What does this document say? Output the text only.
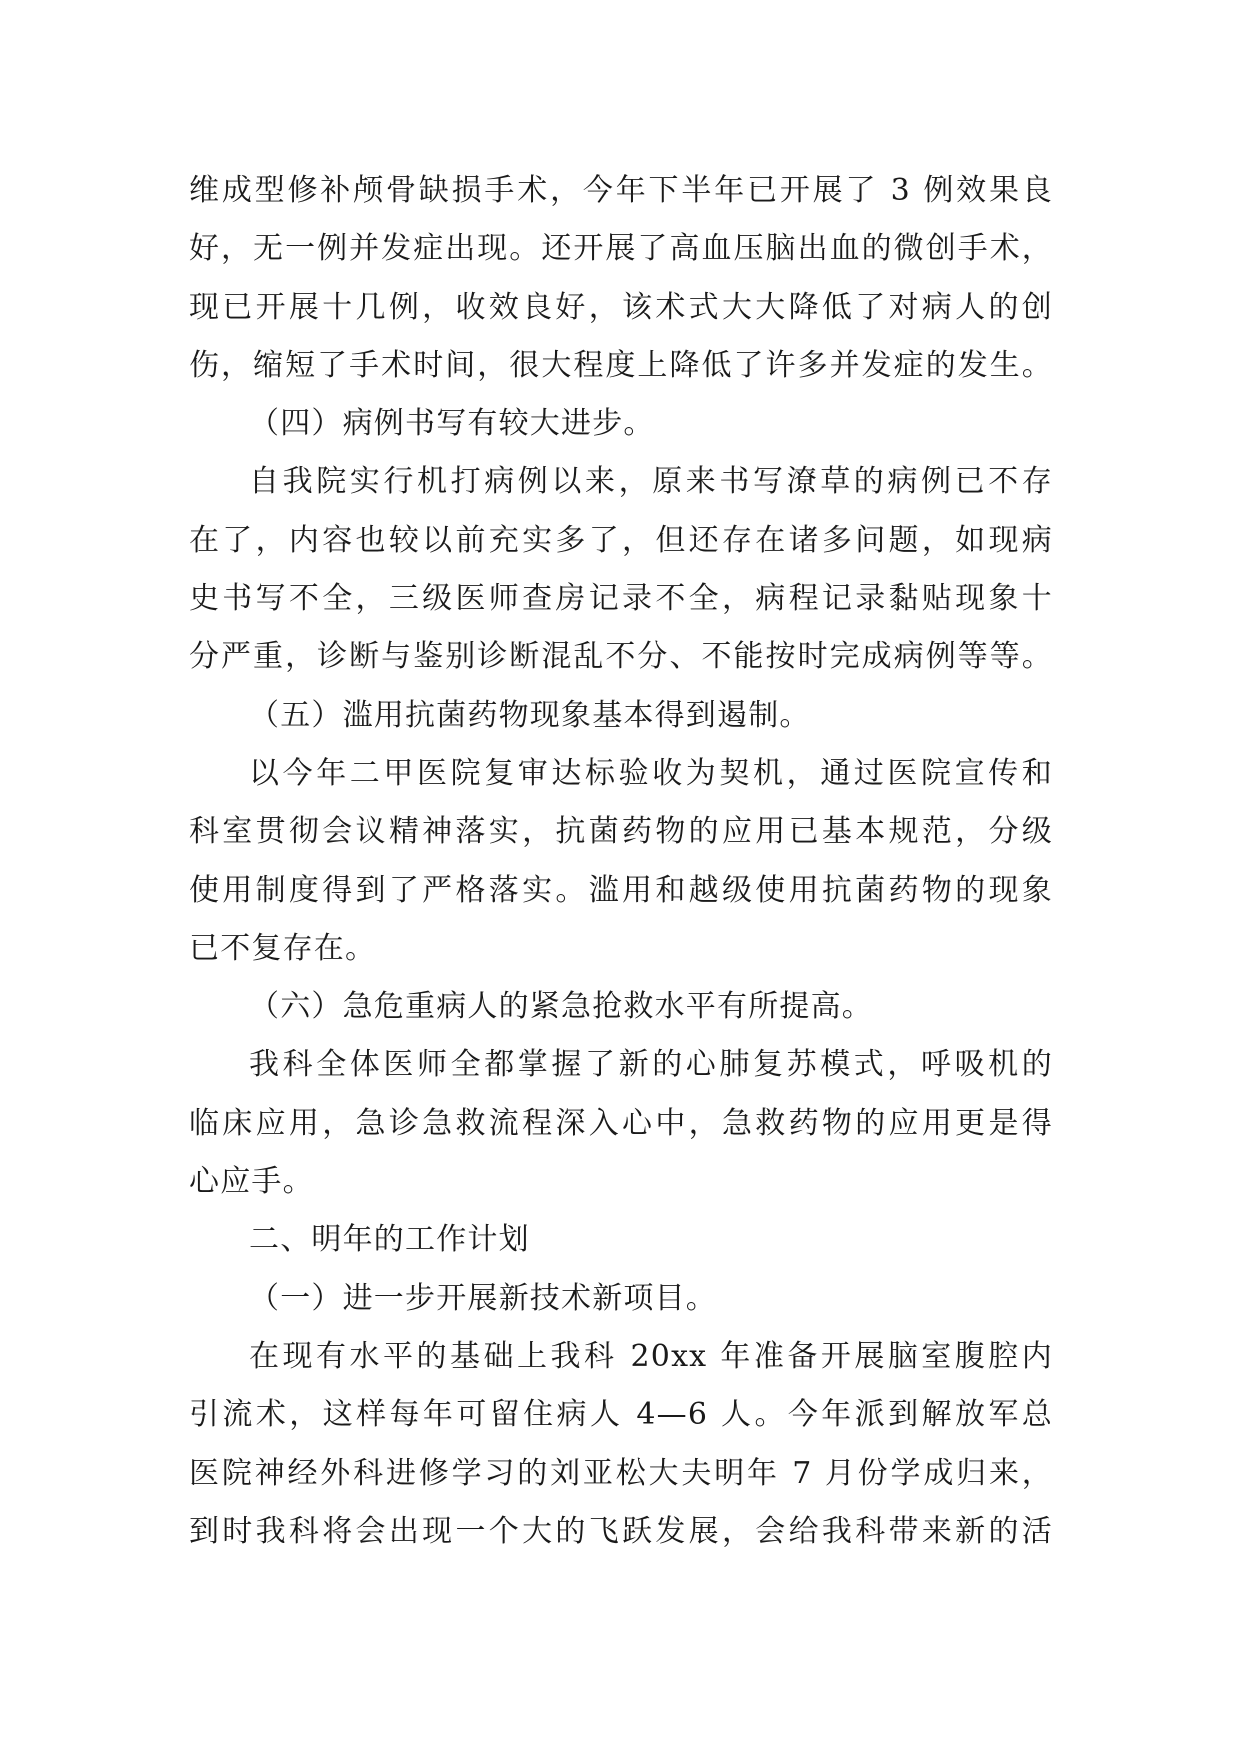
维成型修补颅骨缺损手术，今年下半年已开展了 3 例效果良
好，无一例并发症出现。还开展了高血压脑出血的微创手术，
现已开展十几例，收效良好，该术式大大降低了对病人的创
伤，缩短了手术时间，很大程度上降低了许多并发症的发生。
（四）病例书写有较大进步。
自我院实行机打病例以来，原来书写潦草的病例已不存
在了，内容也较以前充实多了，但还存在诸多问题，如现病
史书写不全，三级医师查房记录不全，病程记录黏贴现象十
分严重，诊断与鉴别诊断混乱不分、不能按时完成病例等等。
（五）滥用抗菌药物现象基本得到遏制。
以今年二甲医院复审达标验收为契机，通过医院宣传和
科室贯彻会议精神落实，抗菌药物的应用已基本规范，分级
使用制度得到了严格落实。滥用和越级使用抗菌药物的现象
已不复存在。
（六）急危重病人的紧急抢救水平有所提高。
我科全体医师全都掌握了新的心肺复苏模式，呼吸机的
临床应用，急诊急救流程深入心中，急救药物的应用更是得
心应手。
二、明年的工作计划
（一）进一步开展新技术新项目。
在现有水平的基础上我科 20xx 年准备开展脑室腹腔内
引流术，这样每年可留住病人 4—6 人。今年派到解放军总
医院神经外科进修学习的刘亚松大夫明年 7 月份学成归来，
到时我科将会出现一个大的飞跃发展，会给我科带来新的活
